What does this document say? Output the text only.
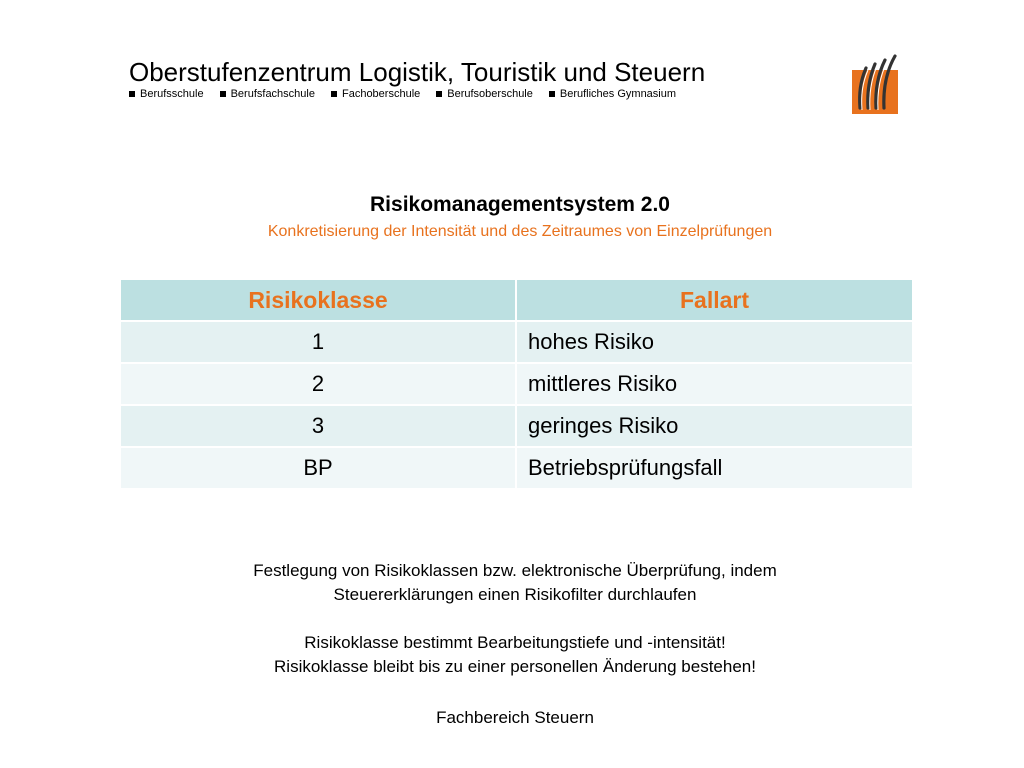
Oberstufenzentrum Logistik, Touristik und Steuern
Berufsschule Berufsfachschule Fachoberschule Berufsoberschule Berufliches Gymnasium
Risikomanagementsystem 2.0
Konkretisierung der Intensität und des Zeitraumes von Einzelprüfungen
Risikoklasse	Fallart
1	hohes Risiko
2	mittleres Risiko
3	geringes Risiko
BP	Betriebsprüfungsfall
Festlegung von Risikoklassen bzw. elektronische Überprüfung, indem
Steuererklärungen einen Risikofilter durchlaufen
Risikoklasse bestimmt Bearbeitungstiefe und -intensität!
Risikoklasse bleibt bis zu einer personellen Änderung bestehen!
Fachbereich Steuern
